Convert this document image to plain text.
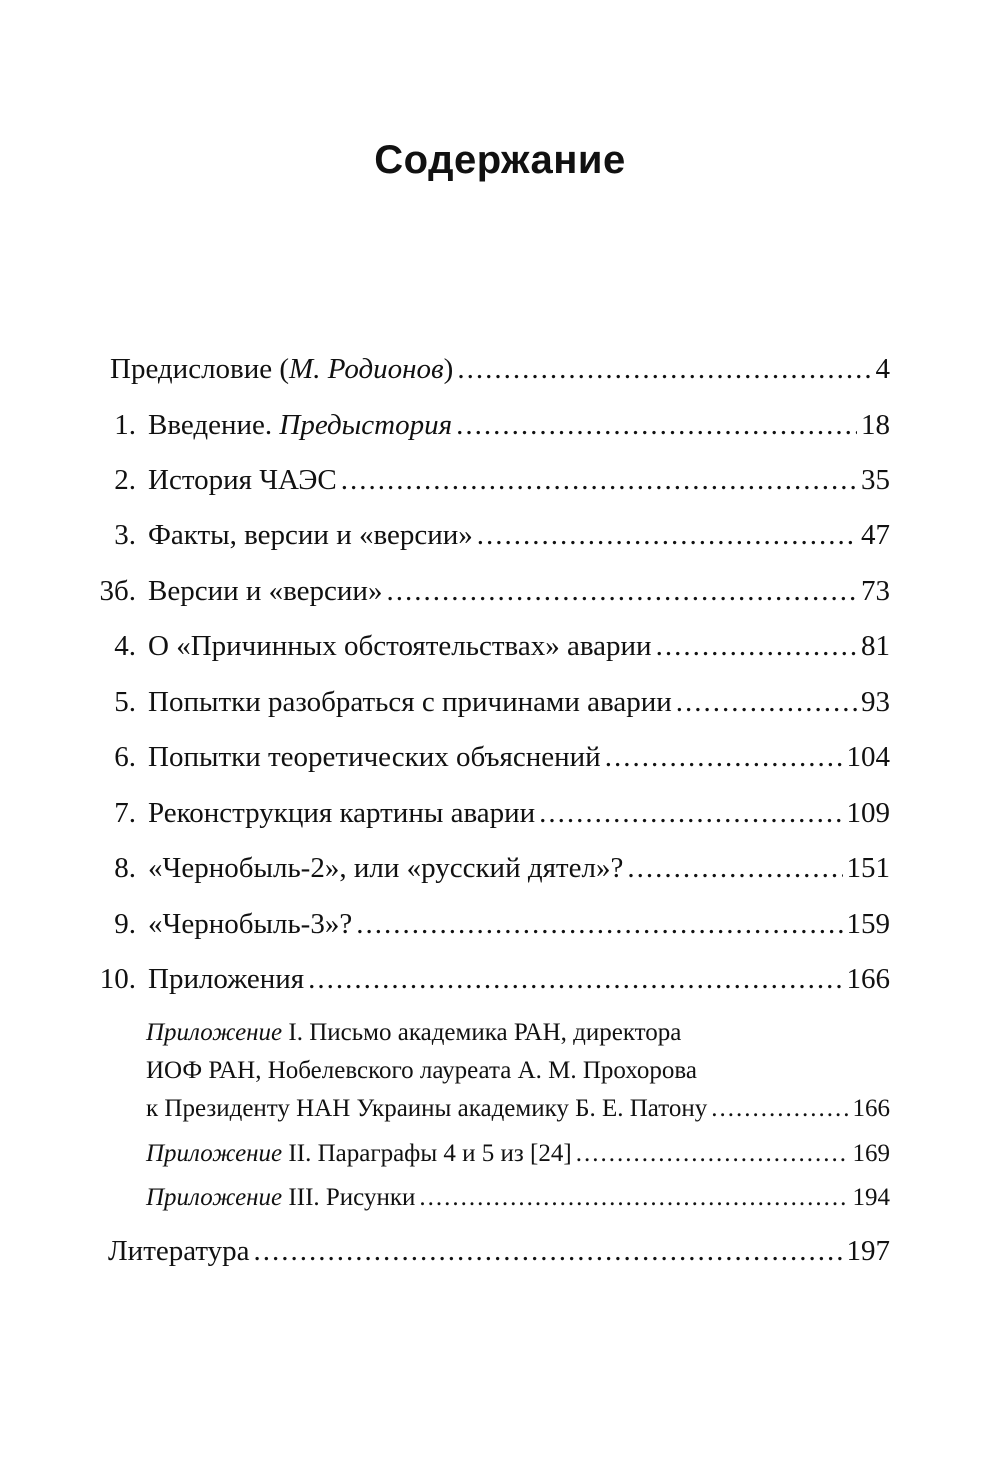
Содержание
Предисловие (М. Родионов) .....	4
1. Введение. Предыстория .....	18
2. История ЧАЭС .....	35
3. Факты, версии и «версии» .....	47
3б. Версии и «версии» .....	73
4. О «Причинных обстоятельствах» аварии .....	81
5. Попытки разобраться с причинами аварии .....	93
6. Попытки теоретических объяснений .....	104
7. Реконструкция картины аварии .....	109
8. «Чернобыль-2», или «русский дятел»? .....	151
9. «Чернобыль-3»? .....	159
10. Приложения .....	166
Приложение I. Письмо академика РАН, директора
ИОФ РАН, Нобелевского лауреата А. М. Прохорова
к Президенту НАН Украины академику Б. Е. Патону .....	166
Приложение II. Параграфы 4 и 5 из [24] .....	169
Приложение III. Рисунки .....	194
Литература .....	197
